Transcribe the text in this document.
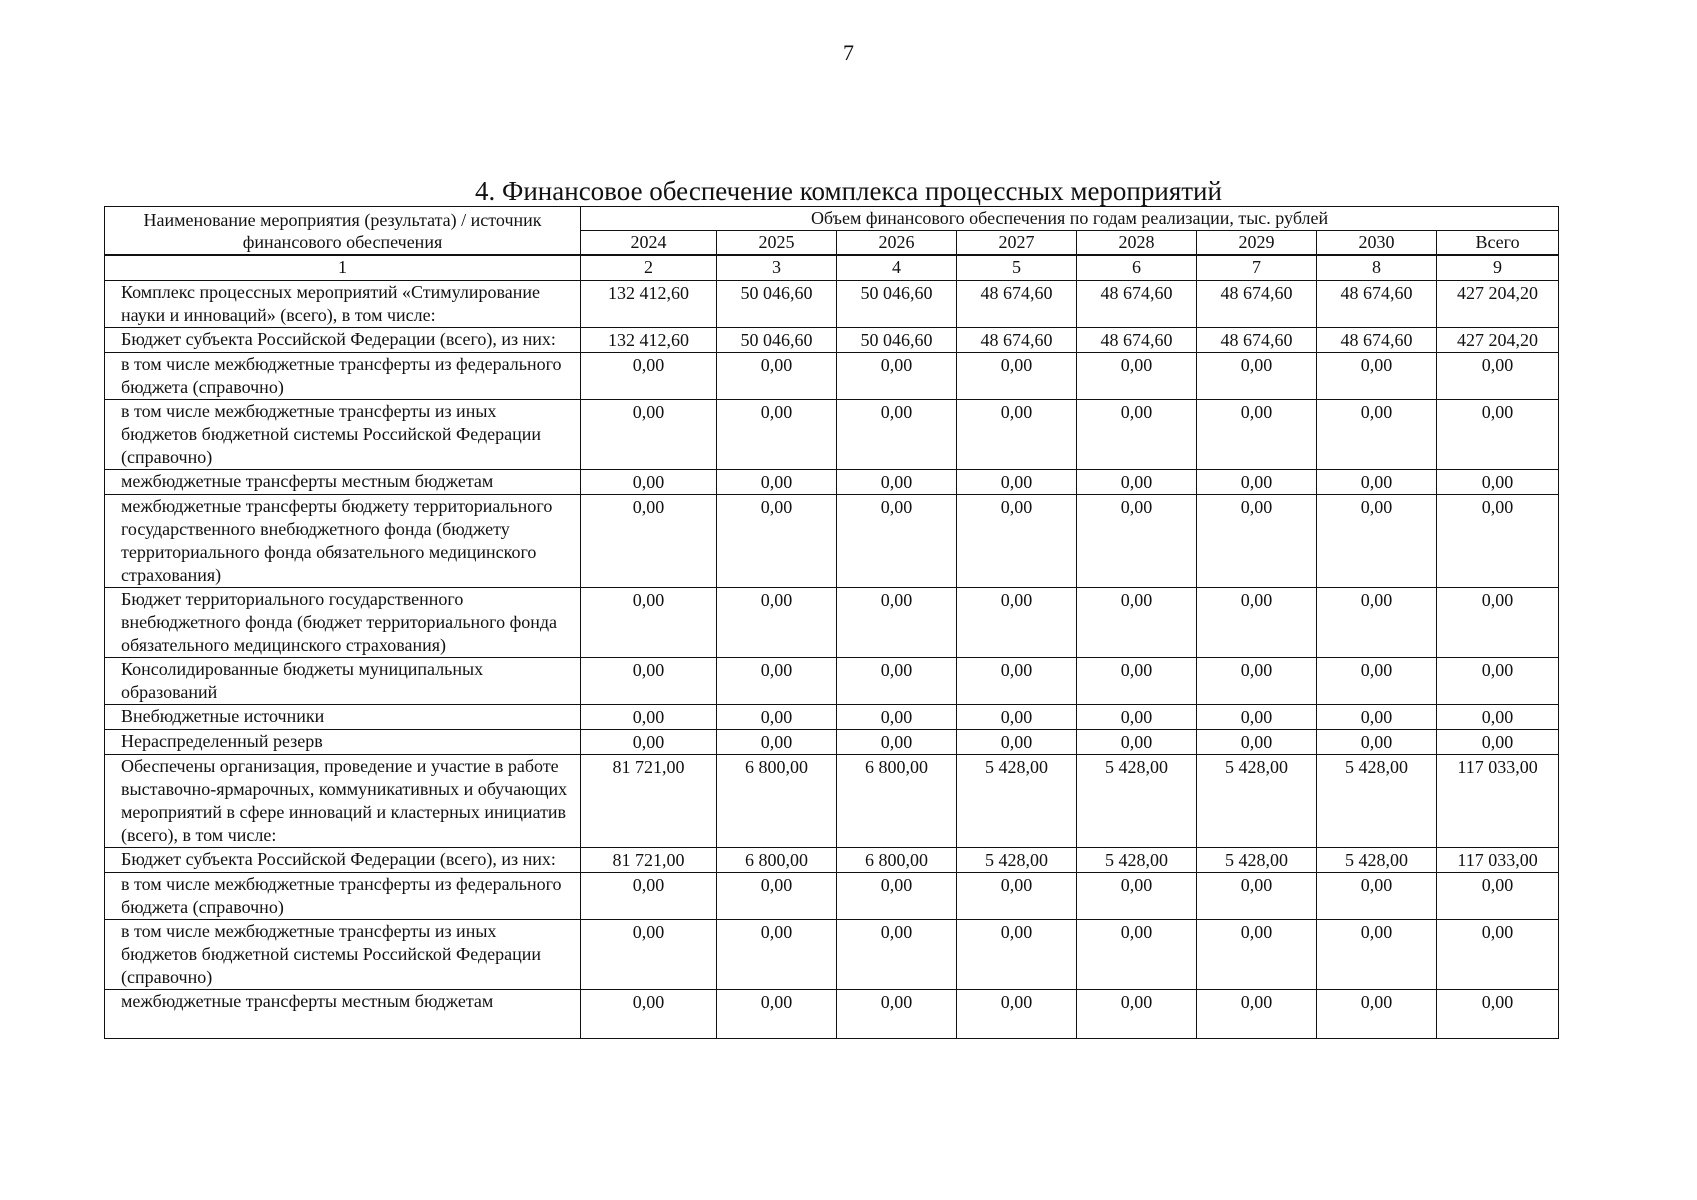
7
4. Финансовое обеспечение комплекса процессных мероприятий
Наименование мероприятия (результата) / источник финансового обеспечения	Объем финансового обеспечения по годам реализации, тыс. рублей							
	2024	2025	2026	2027	2028	2029	2030	Всего
1	2	3	4	5	6	7	8	9
Комплекс процессных мероприятий «Стимулирование науки и инноваций» (всего), в том числе:	132 412,60	50 046,60	50 046,60	48 674,60	48 674,60	48 674,60	48 674,60	427 204,20
Бюджет субъекта Российской Федерации (всего), из них:	132 412,60	50 046,60	50 046,60	48 674,60	48 674,60	48 674,60	48 674,60	427 204,20
в том числе межбюджетные трансферты из федерального бюджета (справочно)	0,00	0,00	0,00	0,00	0,00	0,00	0,00	0,00
в том числе межбюджетные трансферты из иных бюджетов бюджетной системы Российской Федерации (справочно)	0,00	0,00	0,00	0,00	0,00	0,00	0,00	0,00
межбюджетные трансферты местным бюджетам	0,00	0,00	0,00	0,00	0,00	0,00	0,00	0,00
межбюджетные трансферты бюджету территориального государственного внебюджетного фонда (бюджету территориального фонда обязательного медицинского страхования)	0,00	0,00	0,00	0,00	0,00	0,00	0,00	0,00
Бюджет территориального государственного внебюджетного фонда (бюджет территориального фонда обязательного медицинского страхования)	0,00	0,00	0,00	0,00	0,00	0,00	0,00	0,00
Консолидированные бюджеты муниципальных образований	0,00	0,00	0,00	0,00	0,00	0,00	0,00	0,00
Внебюджетные источники	0,00	0,00	0,00	0,00	0,00	0,00	0,00	0,00
Нераспределенный резерв	0,00	0,00	0,00	0,00	0,00	0,00	0,00	0,00
Обеспечены организация, проведение и участие в работе выставочно-ярмарочных, коммуникативных и обучающих мероприятий в сфере инноваций и кластерных инициатив (всего), в том числе:	81 721,00	6 800,00	6 800,00	5 428,00	5 428,00	5 428,00	5 428,00	117 033,00
Бюджет субъекта Российской Федерации (всего), из них:	81 721,00	6 800,00	6 800,00	5 428,00	5 428,00	5 428,00	5 428,00	117 033,00
в том числе межбюджетные трансферты из федерального бюджета (справочно)	0,00	0,00	0,00	0,00	0,00	0,00	0,00	0,00
в том числе межбюджетные трансферты из иных бюджетов бюджетной системы Российской Федерации (справочно)	0,00	0,00	0,00	0,00	0,00	0,00	0,00	0,00
межбюджетные трансферты местным бюджетам	0,00	0,00	0,00	0,00	0,00	0,00	0,00	0,00
